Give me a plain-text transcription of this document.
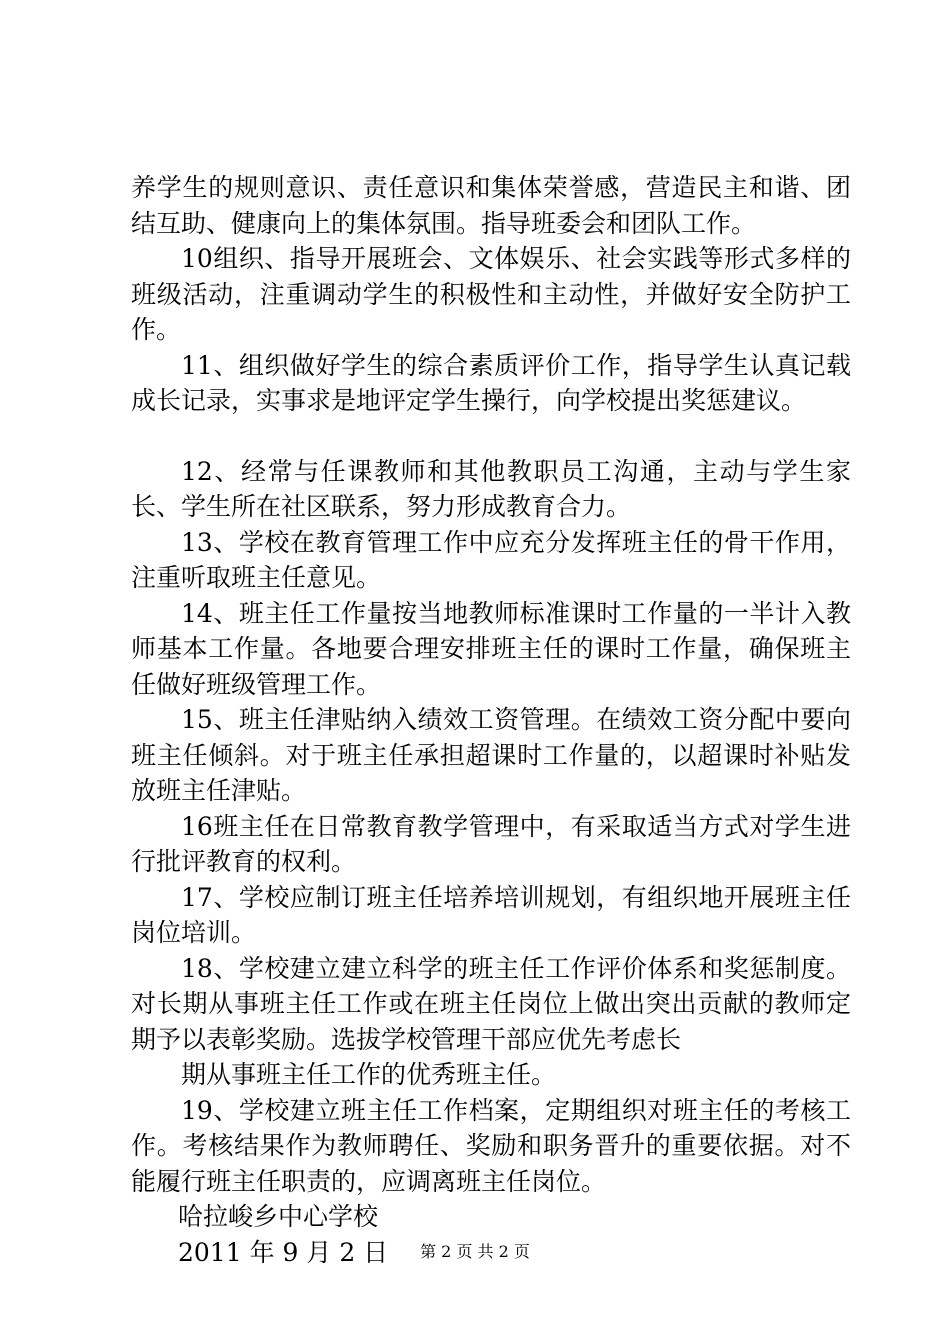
养学生的规则意识、责任意识和集体荣誉感，营造民主和谐、团结互助、健康向上的集体氛围。指导班委会和团队工作。

10组织、指导开展班会、文体娱乐、社会实践等形式多样的班级活动，注重调动学生的积极性和主动性，并做好安全防护工作。

11、组织做好学生的综合素质评价工作，指导学生认真记载成长记录，实事求是地评定学生操行，向学校提出奖惩建议。

12、经常与任课教师和其他教职员工沟通，主动与学生家长、学生所在社区联系，努力形成教育合力。

13、学校在教育管理工作中应充分发挥班主任的骨干作用，注重听取班主任意见。

14、班主任工作量按当地教师标准课时工作量的一半计入教师基本工作量。各地要合理安排班主任的课时工作量，确保班主任做好班级管理工作。

15、班主任津贴纳入绩效工资管理。在绩效工资分配中要向班主任倾斜。对于班主任承担超课时工作量的，以超课时补贴发放班主任津贴。

16班主任在日常教育教学管理中，有采取适当方式对学生进行批评教育的权利。

17、学校应制订班主任培养培训规划，有组织地开展班主任岗位培训。

18、学校建立建立科学的班主任工作评价体系和奖惩制度。对长期从事班主任工作或在班主任岗位上做出突出贡献的教师定期予以表彰奖励。选拔学校管理干部应优先考虑长

期从事班主任工作的优秀班主任。

19、学校建立班主任工作档案，定期组织对班主任的考核工作。考核结果作为教师聘任、奖励和职务晋升的重要依据。对不能履行班主任职责的，应调离班主任岗位。

哈拉峻乡中心学校

2011 年 9 月 2 日	第 2 页 共 2 页
